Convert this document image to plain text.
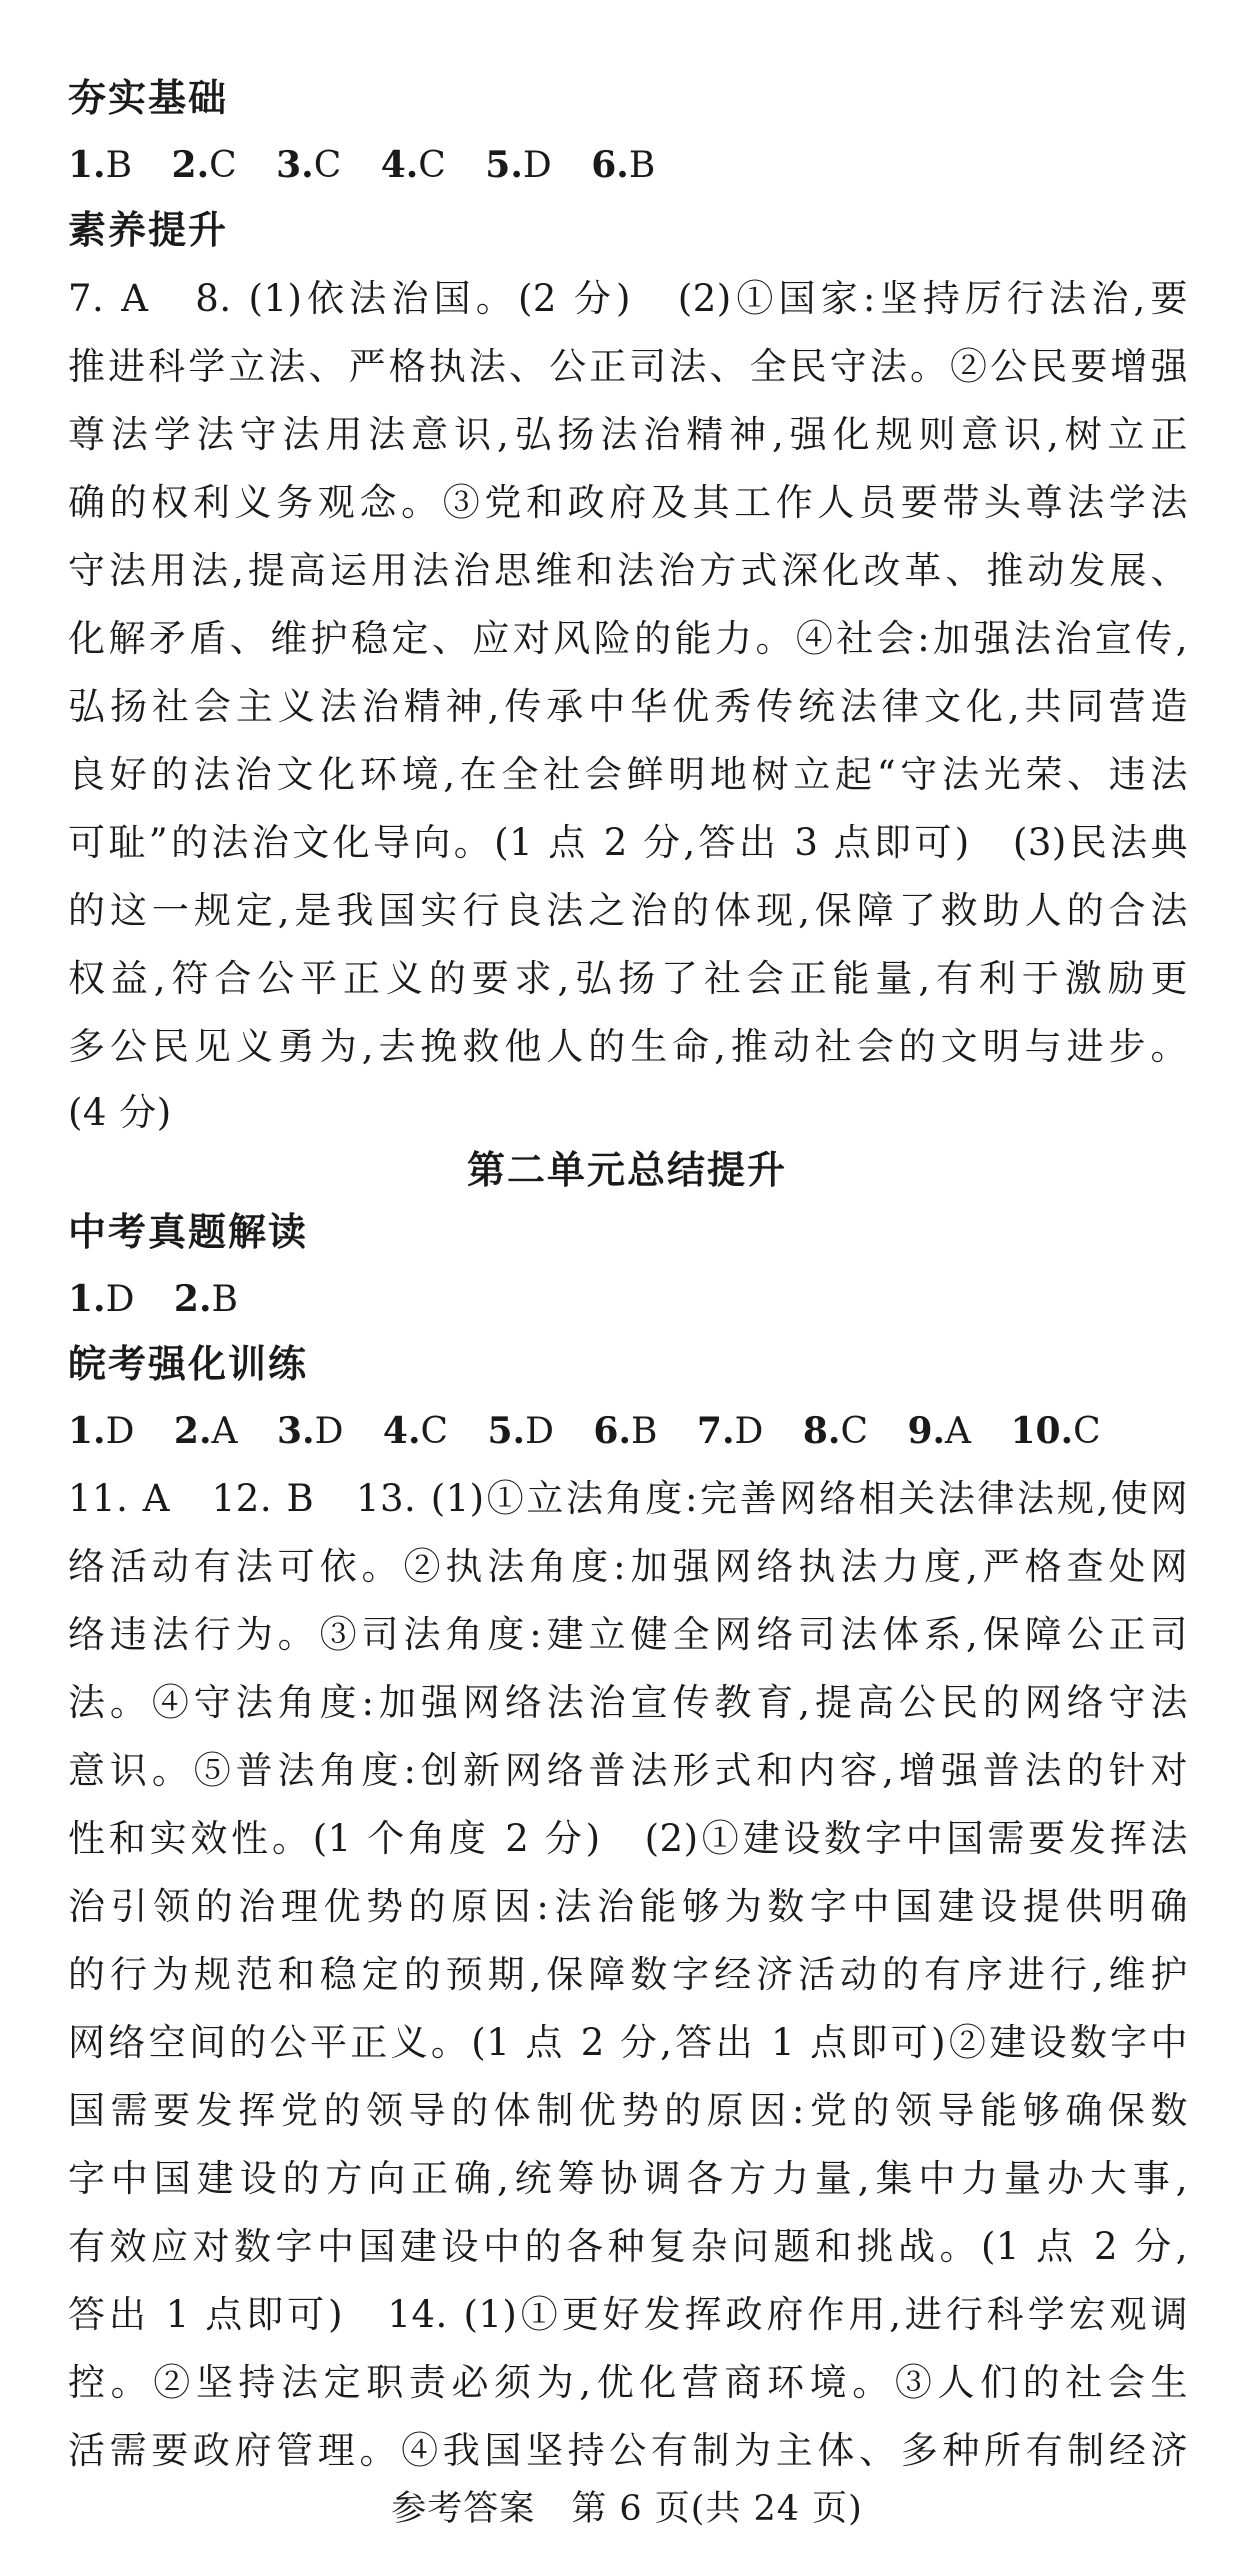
夯实基础
1.B 2.C 3.C 4.C 5.D 6.B
素养提升
7. A　8. (1)依法治国。(2 分)　(2)①国家:坚持厉行法治,要
推进科学立法、严格执法、公正司法、全民守法。②公民要增强
尊法学法守法用法意识,弘扬法治精神,强化规则意识,树立正
确的权利义务观念。③党和政府及其工作人员要带头尊法学法
守法用法,提高运用法治思维和法治方式深化改革、推动发展、
化解矛盾、维护稳定、应对风险的能力。④社会:加强法治宣传,
弘扬社会主义法治精神,传承中华优秀传统法律文化,共同营造
良好的法治文化环境,在全社会鲜明地树立起“守法光荣、违法
可耻”的法治文化导向。(1 点 2 分,答出 3 点即可)　(3)民法典
的这一规定,是我国实行良法之治的体现,保障了救助人的合法
权益,符合公平正义的要求,弘扬了社会正能量,有利于激励更
多公民见义勇为,去挽救他人的生命,推动社会的文明与进步。
(4 分)
第二单元总结提升
中考真题解读
1.D 2.B
皖考强化训练
1.D 2.A 3.D 4.C 5.D 6.B 7.D 8.C 9.A 10.C
11. A　12. B　13. (1)①立法角度:完善网络相关法律法规,使网
络活动有法可依。②执法角度:加强网络执法力度,严格查处网
络违法行为。③司法角度:建立健全网络司法体系,保障公正司
法。④守法角度:加强网络法治宣传教育,提高公民的网络守法
意识。⑤普法角度:创新网络普法形式和内容,增强普法的针对
性和实效性。(1 个角度 2 分)　(2)①建设数字中国需要发挥法
治引领的治理优势的原因:法治能够为数字中国建设提供明确
的行为规范和稳定的预期,保障数字经济活动的有序进行,维护
网络空间的公平正义。(1 点 2 分,答出 1 点即可)②建设数字中
国需要发挥党的领导的体制优势的原因:党的领导能够确保数
字中国建设的方向正确,统筹协调各方力量,集中力量办大事,
有效应对数字中国建设中的各种复杂问题和挑战。(1 点 2 分,
答出 1 点即可)　14. (1)①更好发挥政府作用,进行科学宏观调
控。②坚持法定职责必须为,优化营商环境。③人们的社会生
活需要政府管理。④我国坚持公有制为主体、多种所有制经济
参考答案　第 6 页(共 24 页)
